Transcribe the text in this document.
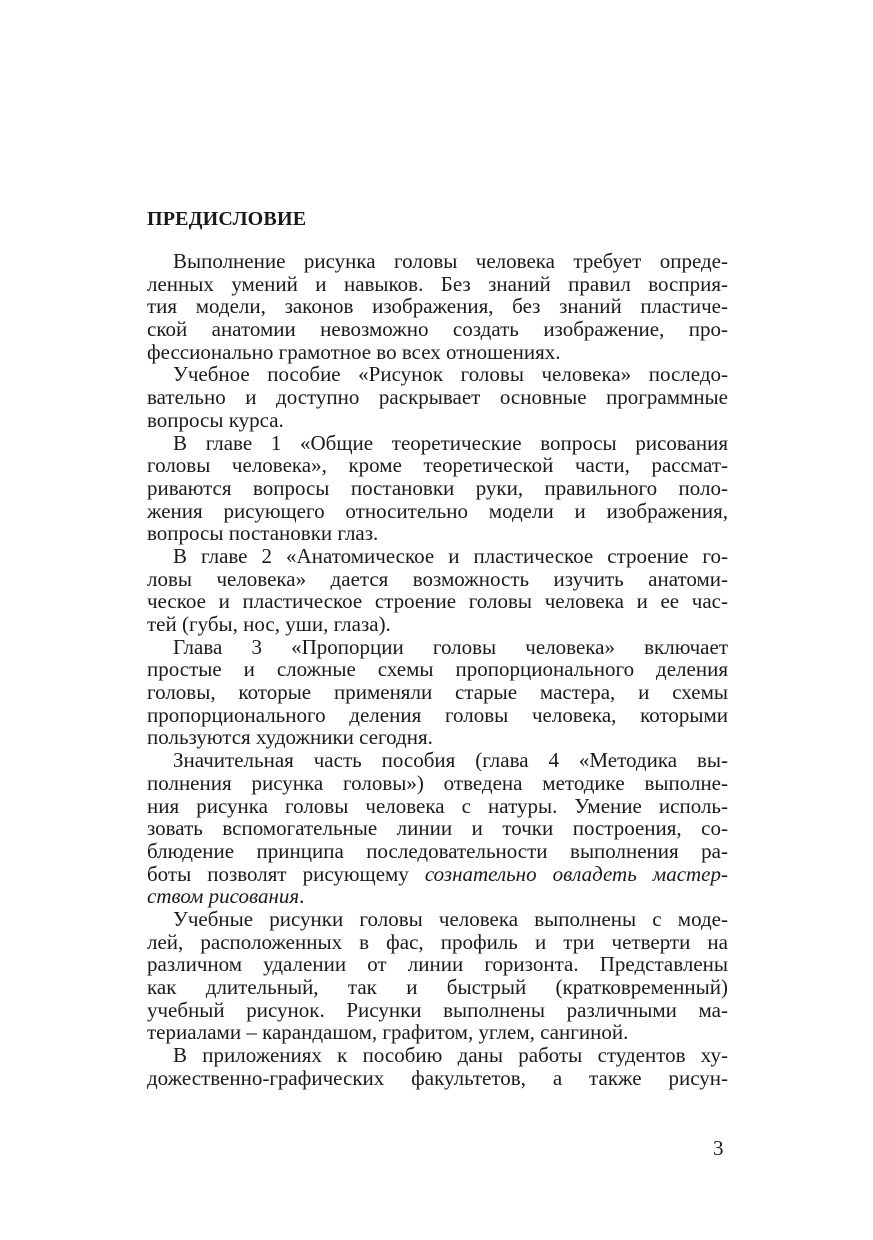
ПРЕДИСЛОВИЕ
Выполнение рисунка головы человека требует опреде-
ленных умений и навыков. Без знаний правил восприя-
тия модели, законов изображения, без знаний пластиче-
ской анатомии невозможно создать изображение, про-
фессионально грамотное во всех отношениях.
Учебное пособие «Рисунок головы человека» последо-
вательно и доступно раскрывает основные программные
вопросы курса.
В главе 1 «Общие теоретические вопросы рисования
головы человека», кроме теоретической части, рассмат-
риваются вопросы постановки руки, правильного поло-
жения рисующего относительно модели и изображения,
вопросы постановки глаз.
В главе 2 «Анатомическое и пластическое строение го-
ловы человека» дается возможность изучить анатоми-
ческое и пластическое строение головы человека и ее час-
тей (губы, нос, уши, глаза).
Глава 3 «Пропорции головы человека» включает
простые и сложные схемы пропорционального деления
головы, которые применяли старые мастера, и схемы
пропорционального деления головы человека, которыми
пользуются художники сегодня.
Значительная часть пособия (глава 4 «Методика вы-
полнения рисунка головы») отведена методике выполне-
ния рисунка головы человека с натуры. Умение исполь-
зовать вспомогательные линии и точки построения, со-
блюдение принципа последовательности выполнения ра-
боты позволят рисующему сознательно овладеть мастер-
ством рисования.
Учебные рисунки головы человека выполнены с моде-
лей, расположенных в фас, профиль и три четверти на
различном удалении от линии горизонта. Представлены
как длительный, так и быстрый (кратковременный)
учебный рисунок. Рисунки выполнены различными ма-
териалами – карандашом, графитом, углем, сангиной.
В приложениях к пособию даны работы студентов ху-
дожественно-графических факультетов, а также рисун-
3
